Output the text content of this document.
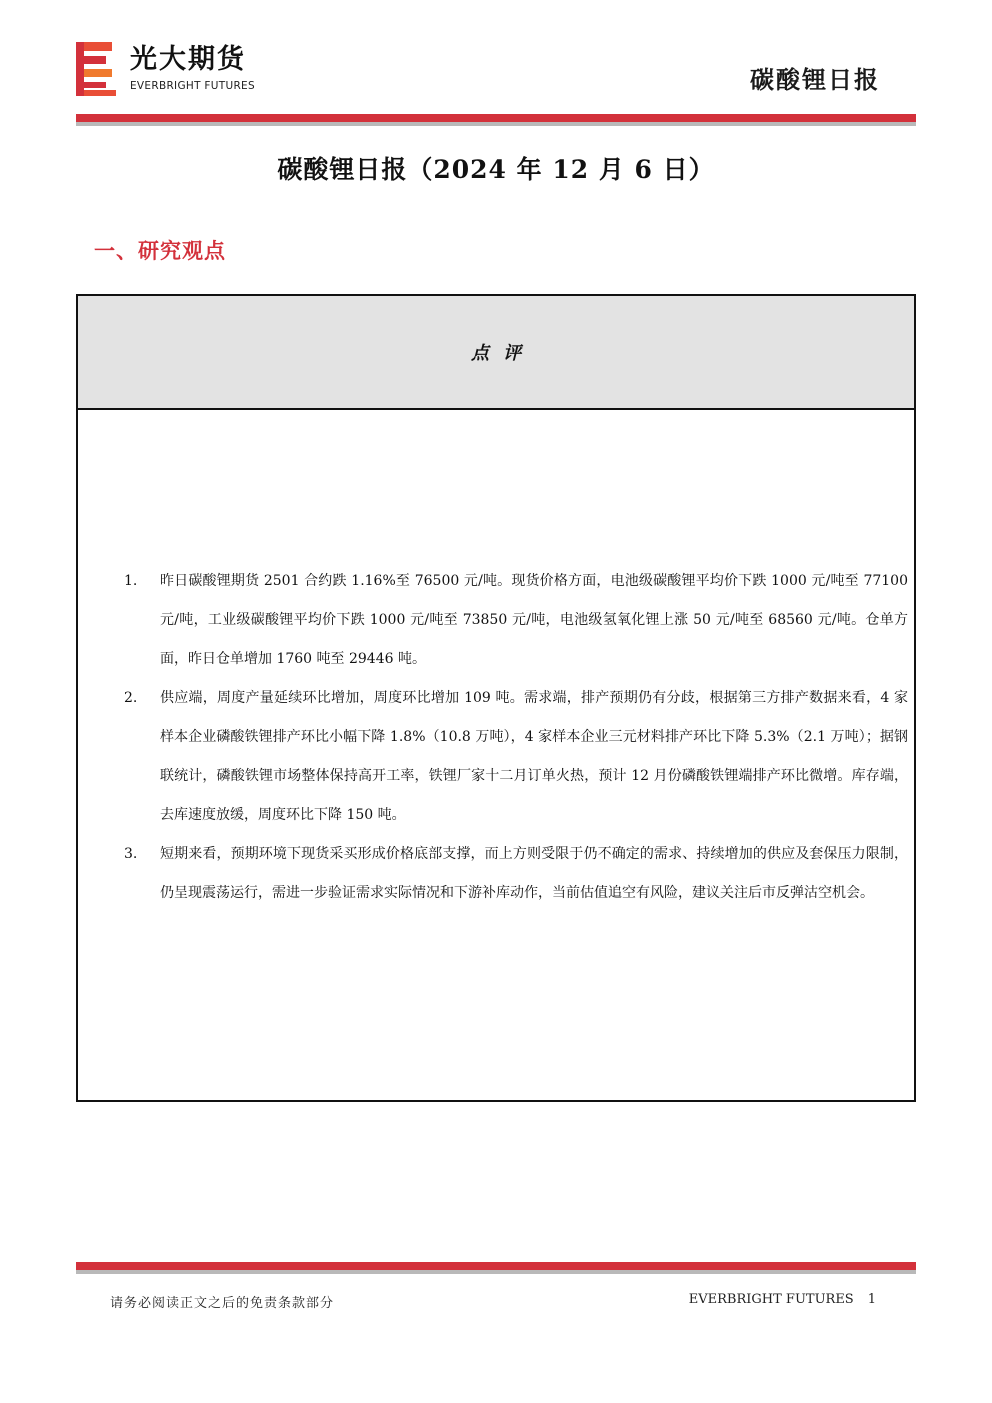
光大期货
EVERBRIGHT FUTURES	碳酸锂日报
碳酸锂日报（2024 年 12 月 6 日）
一、研究观点
点评
1. 昨日碳酸锂期货 2501 合约跌 1.16%至 76500 元/吨。现货价格方面，电池级碳酸锂平均价下跌 1000 元/吨至 77100 元/吨，工业级碳酸锂平均价下跌 1000 元/吨至 73850 元/吨，电池级氢氧化锂上涨 50 元/吨至 68560 元/吨。仓单方面，昨日仓单增加 1760 吨至 29446 吨。
2. 供应端，周度产量延续环比增加，周度环比增加 109 吨。需求端，排产预期仍有分歧，根据第三方排产数据来看，4 家样本企业磷酸铁锂排产环比小幅下降 1.8%（10.8 万吨），4 家样本企业三元材料排产环比下降 5.3%（2.1 万吨）；据钢联统计，磷酸铁锂市场整体保持高开工率，铁锂厂家十二月订单火热，预计 12 月份磷酸铁锂端排产环比微增。库存端，去库速度放缓，周度环比下降 150 吨。
3. 短期来看，预期环境下现货采买形成价格底部支撑，而上方则受限于仍不确定的需求、持续增加的供应及套保压力限制，仍呈现震荡运行，需进一步验证需求实际情况和下游补库动作，当前估值追空有风险，建议关注后市反弹沽空机会。
请务必阅读正文之后的免责条款部分	EVERBRIGHT FUTURES 1
